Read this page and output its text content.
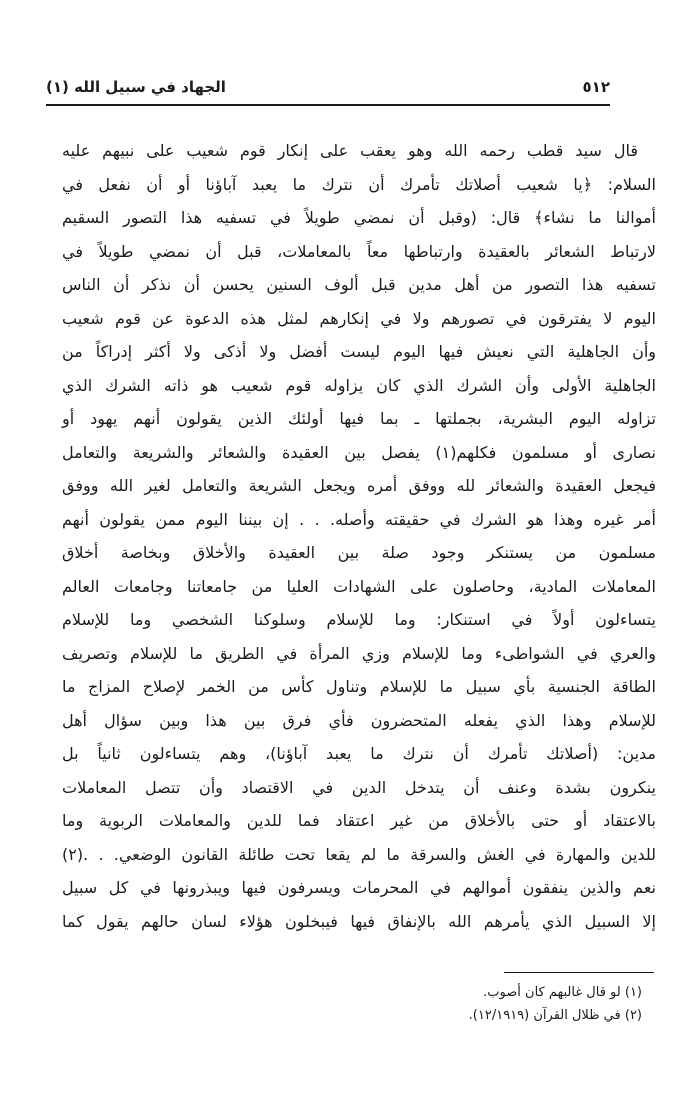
الجهاد في سبيل الله (١)	٥١٢
قال سيد قطب رحمه الله وهو يعقب على إنكار قوم شعيب على نبيهم عليه
السلام: ﴿يا شعيب أصلاتك تأمرك أن نترك ما يعبد آباؤنا أو أن نفعل في
أموالنا ما نشاء﴾ قال: (وقبل أن نمضي طويلاً في تسفيه هذا التصور السقيم
لارتباط الشعائر بالعقيدة وارتباطها معاً بالمعاملات، قبل أن نمضي طويلاً في
تسفيه هذا التصور من أهل مدين قبل ألوف السنين يحسن أن نذكر أن الناس
اليوم لا يفترقون في تصورهم ولا في إنكارهم لمثل هذه الدعوة عن قوم شعيب
وأن الجاهلية التي نعيش فيها اليوم ليست أفضل ولا أذكى ولا أكثر إدراكاً من
الجاهلية الأولى وأن الشرك الذي كان يزاوله قوم شعيب هو ذاته الشرك الذي
تزاوله اليوم البشرية، بجملتها ـ بما فيها أولئك الذين يقولون أنهم يهود أو
نصارى أو مسلمون فكلهم(١) يفصل بين العقيدة والشعائر والشريعة والتعامل
فيجعل العقيدة والشعائر لله ووفق أمره ويجعل الشريعة والتعامل لغير الله ووفق
أمر غيره وهذا هو الشرك في حقيقته وأصله. . . إن بيننا اليوم ممن يقولون أنهم
مسلمون من يستنكر وجود صلة بين العقيدة والأخلاق وبخاصة أخلاق
المعاملات المادية، وحاصلون على الشهادات العليا من جامعاتنا وجامعات العالم
يتساءلون أولاً في استنكار: وما للإسلام وسلوكنا الشخصي وما للإسلام
والعري في الشواطىء وما للإسلام وزي المرأة في الطريق ما للإسلام وتصريف
الطاقة الجنسية بأي سبيل ما للإسلام وتناول كأس من الخمر لإصلاح المزاج ما
للإسلام وهذا الذي يفعله المتحضرون فأي فرق بين هذا وبين سؤال أهل
مدين: (أصلاتك تأمرك أن نترك ما يعبد آباؤنا)، وهم يتساءلون ثانياً بل
ينكرون بشدة وعنف أن يتدخل الدين في الاقتصاد وأن تتصل المعاملات
بالاعتقاد أو حتى بالأخلاق من غير اعتقاد فما للدين والمعاملات الربوية وما
للدين والمهارة في الغش والسرقة ما لم يقعا تحت طائلة القانون الوضعي. . .(٢)
نعم والذين ينفقون أموالهم في المحرمات ويسرفون فيها ويبذرونها في كل سبيل
إلا السبيل الذي يأمرهم الله بالإنفاق فيها فيبخلون هؤلاء لسان حالهم يقول كما
(١) لو قال غالبهم كان أصوب.
(٢) في ظلال القرآن (١٢/١٩١٩).
